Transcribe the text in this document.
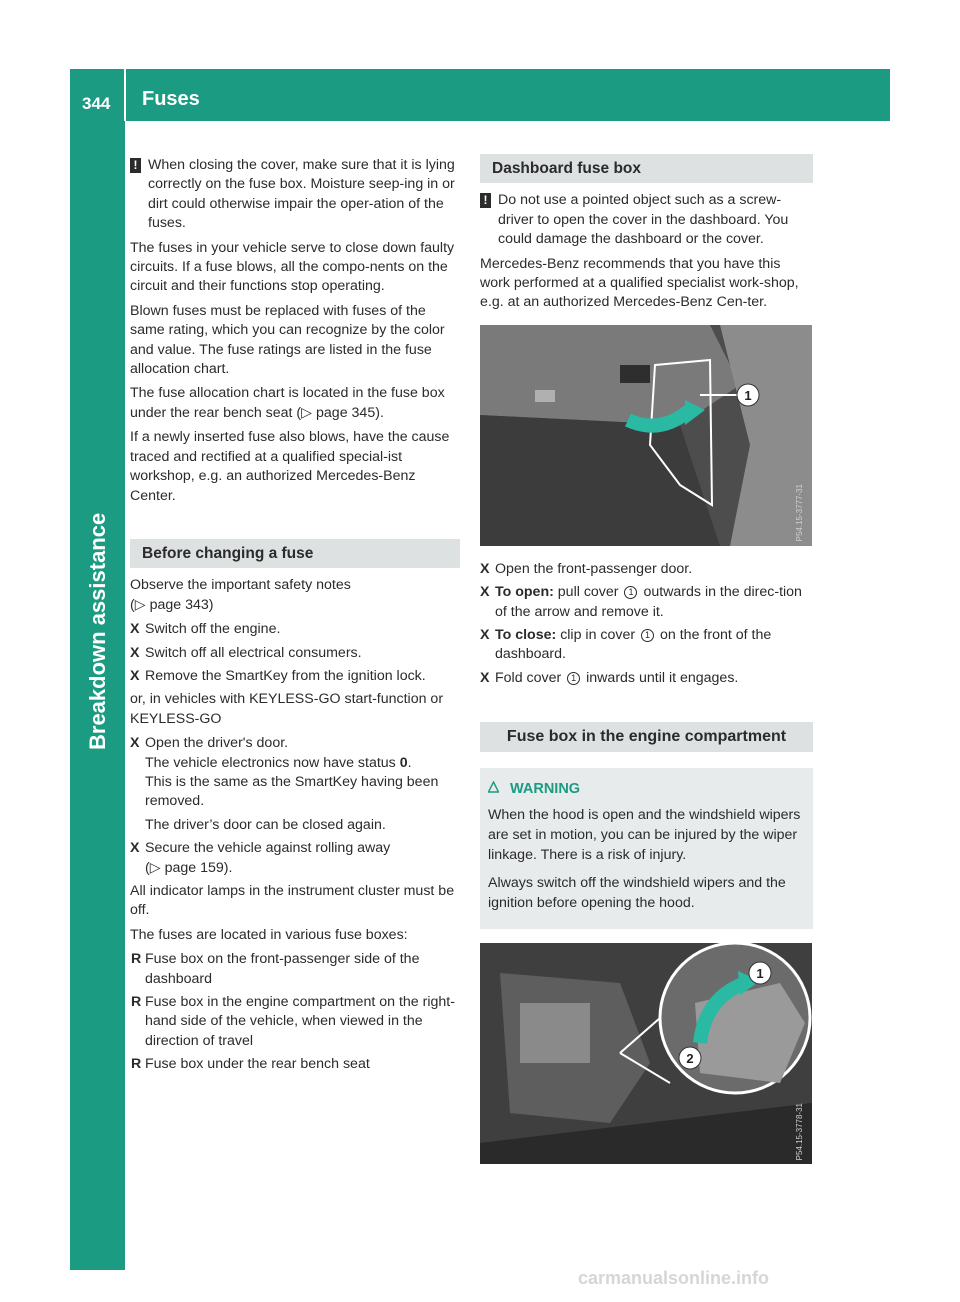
344 Fuses
Breakdown assistance
! When closing the cover, make sure that it is lying correctly on the fuse box. Moisture seep-ing in or dirt could otherwise impair the oper-ation of the fuses.

The fuses in your vehicle serve to close down faulty circuits. If a fuse blows, all the compo-nents on the circuit and their functions stop operating.

Blown fuses must be replaced with fuses of the same rating, which you can recognize by the color and value. The fuse ratings are listed in the fuse allocation chart.

The fuse allocation chart is located in the fuse box under the rear bench seat (▷ page 345).

If a newly inserted fuse also blows, have the cause traced and rectified at a qualified special-ist workshop, e.g. an authorized Mercedes-Benz Center.

Before changing a fuse

Observe the important safety notes
(▷ page 343)

X Switch off the engine.
X Switch off all electrical consumers.
X Remove the SmartKey from the ignition lock.

or, in vehicles with KEYLESS-GO start-function or KEYLESS-GO

X Open the driver's door.
The vehicle electronics now have status 0.
This is the same as the SmartKey having been removed.
The driver’s door can be closed again.
X Secure the vehicle against rolling away
(▷ page 159).

All indicator lamps in the instrument cluster must be off.

The fuses are located in various fuse boxes:

R Fuse box on the front-passenger side of the dashboard
R Fuse box in the engine compartment on the right-hand side of the vehicle, when viewed in the direction of travel
R Fuse box under the rear bench seat
Dashboard fuse box
! Do not use a pointed object such as a screw-driver to open the cover in the dashboard. You could damage the dashboard or the cover.

Mercedes-Benz recommends that you have this work performed at a qualified specialist work-shop, e.g. at an authorized Mercedes-Benz Cen-ter.

1
P54.15-3777-31
X Open the front-passenger door.
X To open: pull cover 1 outwards in the direc-tion of the arrow and remove it.
X To close: clip in cover 1 on the front of the dashboard.
X Fold cover 1 inwards until it engages.
Fuse box in the engine compartment
WARNING

When the hood is open and the windshield wipers are set in motion, you can be injured by the wiper linkage. There is a risk of injury.

Always switch off the windshield wipers and the ignition before opening the hood.

1
2
P54.15-3778-31
carmanualsonline.info
